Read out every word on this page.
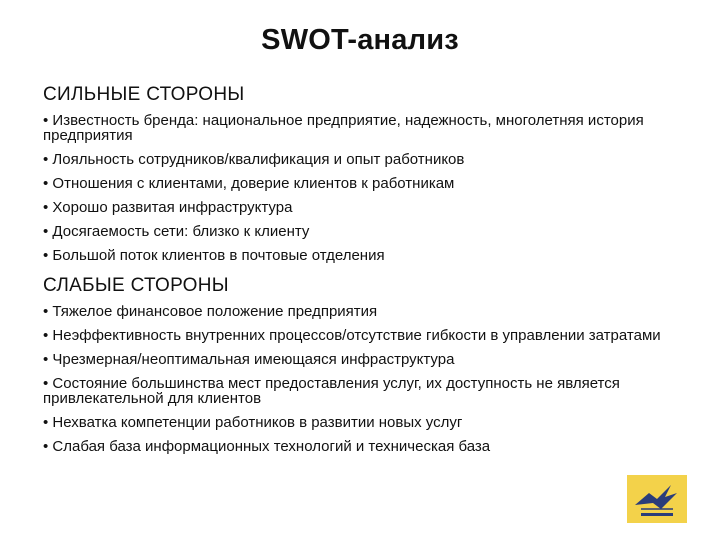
SWOT-анализ
СИЛЬНЫЕ СТОРОНЫ
• Известность бренда: национальное предприятие, надежность, многолетняя история предприятия
• Лояльность сотрудников/квалификация и опыт работников
• Отношения с клиентами, доверие клиентов к работникам
• Хорошо развитая инфраструктура
• Досягаемость сети: близко к клиенту
• Большой поток клиентов в почтовые отделения
СЛАБЫЕ СТОРОНЫ
• Тяжелое финансовое положение предприятия
• Неэффективность внутренних процессов/отсутствие гибкости в управлении затратами
• Чрезмерная/неоптимальная имеющаяся инфраструктура
• Состояние большинства мест предоставления услуг, их доступность не является привлекательной для клиентов
• Нехватка компетенции работников в развитии новых услуг
• Слабая база информационных технологий и техническая база
